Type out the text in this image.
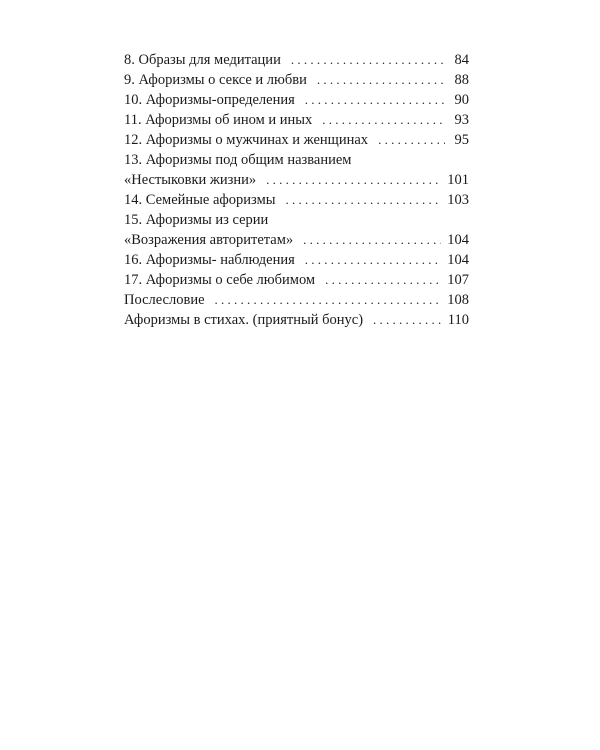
8. Образы для медитации . . .	84
9. Афоризмы о сексе и любви . . .	88
10. Афоризмы-определения . . .	90
11. Афоризмы об ином и иных . . .	93
12. Афоризмы о мужчинах и женщинах . . .	95
13. Афоризмы под общим названием
«Нестыковки жизни» . . .	101
14. Семейные афоризмы . . .	103
15. Афоризмы из серии
«Возражения авторитетам» . . .	104
16. Афоризмы- наблюдения . . .	104
17. Афоризмы о себе любимом . . .	107
Послесловие . . .	108
Афоризмы в стихах. (приятный бонус) . . .	110
